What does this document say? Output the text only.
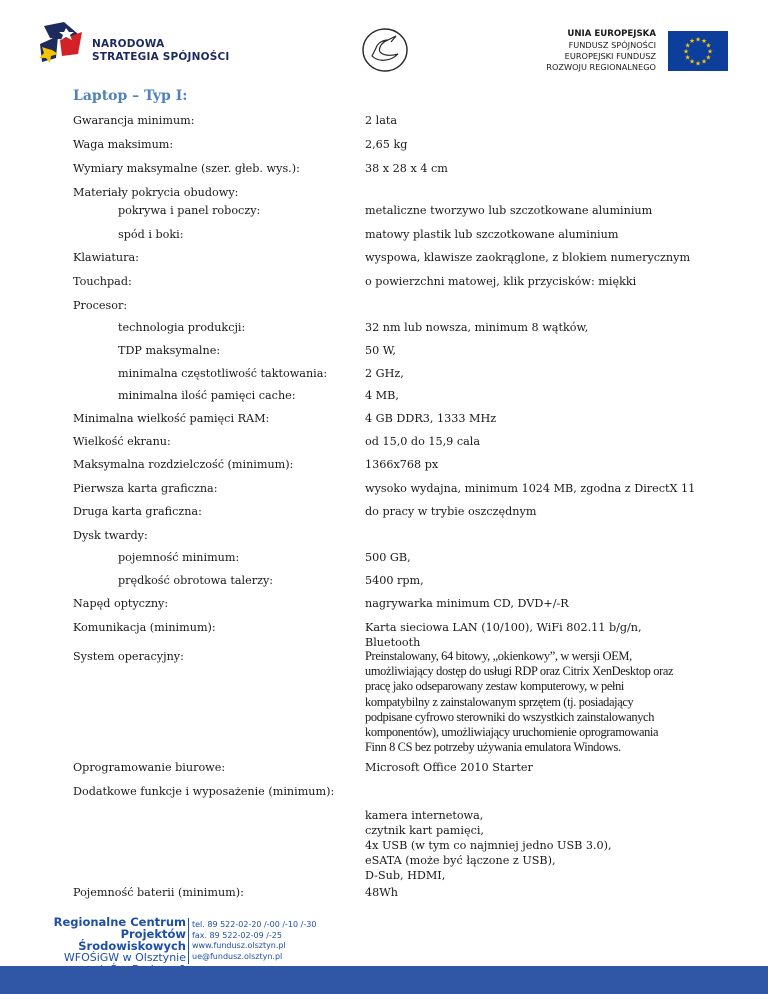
NARODOWA
STRATEGIA SPÓJNOŚCI
UNIA EUROPEJSKA
FUNDUSZ SPÓJNOŚCI
EUROPEJSKI FUNDUSZ
ROZWOJU REGIONALNEGO
★ ★
★
★
★
★
★
★
★
★
★
★
Laptop – Typ I:
Gwarancja minimum:	2 lata
Waga maksimum:	2,65 kg
Wymiary maksymalne (szer. głeb. wys.):	38 x 28 x 4 cm
Materiały pokrycia obudowy:
pokrywa i panel roboczy:	metaliczne tworzywo lub szczotkowane aluminium
spód i boki:	matowy plastik lub szczotkowane aluminium
Klawiatura:	wyspowa, klawisze zaokrąglone, z blokiem numerycznym
Touchpad:	o powierzchni matowej, klik przycisków: miękki
Procesor:
technologia produkcji:	32 nm lub nowsza, minimum 8 wątków,
TDP maksymalne:	50 W,
minimalna częstotliwość taktowania:	2 GHz,
minimalna ilość pamięci cache:	4 MB,
Minimalna wielkość pamięci RAM:	4 GB DDR3, 1333 MHz
Wielkość ekranu:	od 15,0 do 15,9 cala
Maksymalna rozdzielczość (minimum):	1366x768 px
Pierwsza karta graficzna:	wysoko wydajna, minimum 1024 MB, zgodna z DirectX 11
Druga karta graficzna:	do pracy w trybie oszczędnym
Dysk twardy:
pojemność minimum:	500 GB,
prędkość obrotowa talerzy:	5400 rpm,
Napęd optyczny:	nagrywarka minimum CD, DVD+/-R
Komunikacja (minimum):	Karta sieciowa LAN (10/100), WiFi 802.11 b/g/n,
Bluetooth
System operacyjny:	Preinstalowany, 64 bitowy, „okienkowy”, w wersji OEM,
umożliwiający dostęp do usługi RDP oraz Citrix XenDesktop oraz
pracę jako odseparowany zestaw komputerowy, w pełni
kompatybilny z zainstalowanym sprzętem (tj. posiadający
podpisane cyfrowo sterowniki do wszystkich zainstalowanych
komponentów), umożliwiający uruchomienie oprogramowania
Finn 8 CS bez potrzeby używania emulatora Windows.
Oprogramowanie biurowe:	Microsoft Office 2010 Starter
Dodatkowe funkcje i wyposażenie (minimum):
kamera internetowa,
czytnik kart pamięci,
4x USB (w tym co najmniej jedno USB 3.0),
eSATA (może być łączone z USB),
D-Sub, HDMI,
Pojemność baterii (minimum):	48Wh
Regionalne Centrum
Projektów Środowiskowych
WFOŚiGW w Olsztynie
tel. 89 522-02-20 /-00 /-10 /-30
fax. 89 522-02-09 /-25
www.fundusz.olsztyn.pl
ue@fundusz.olsztyn.pl
